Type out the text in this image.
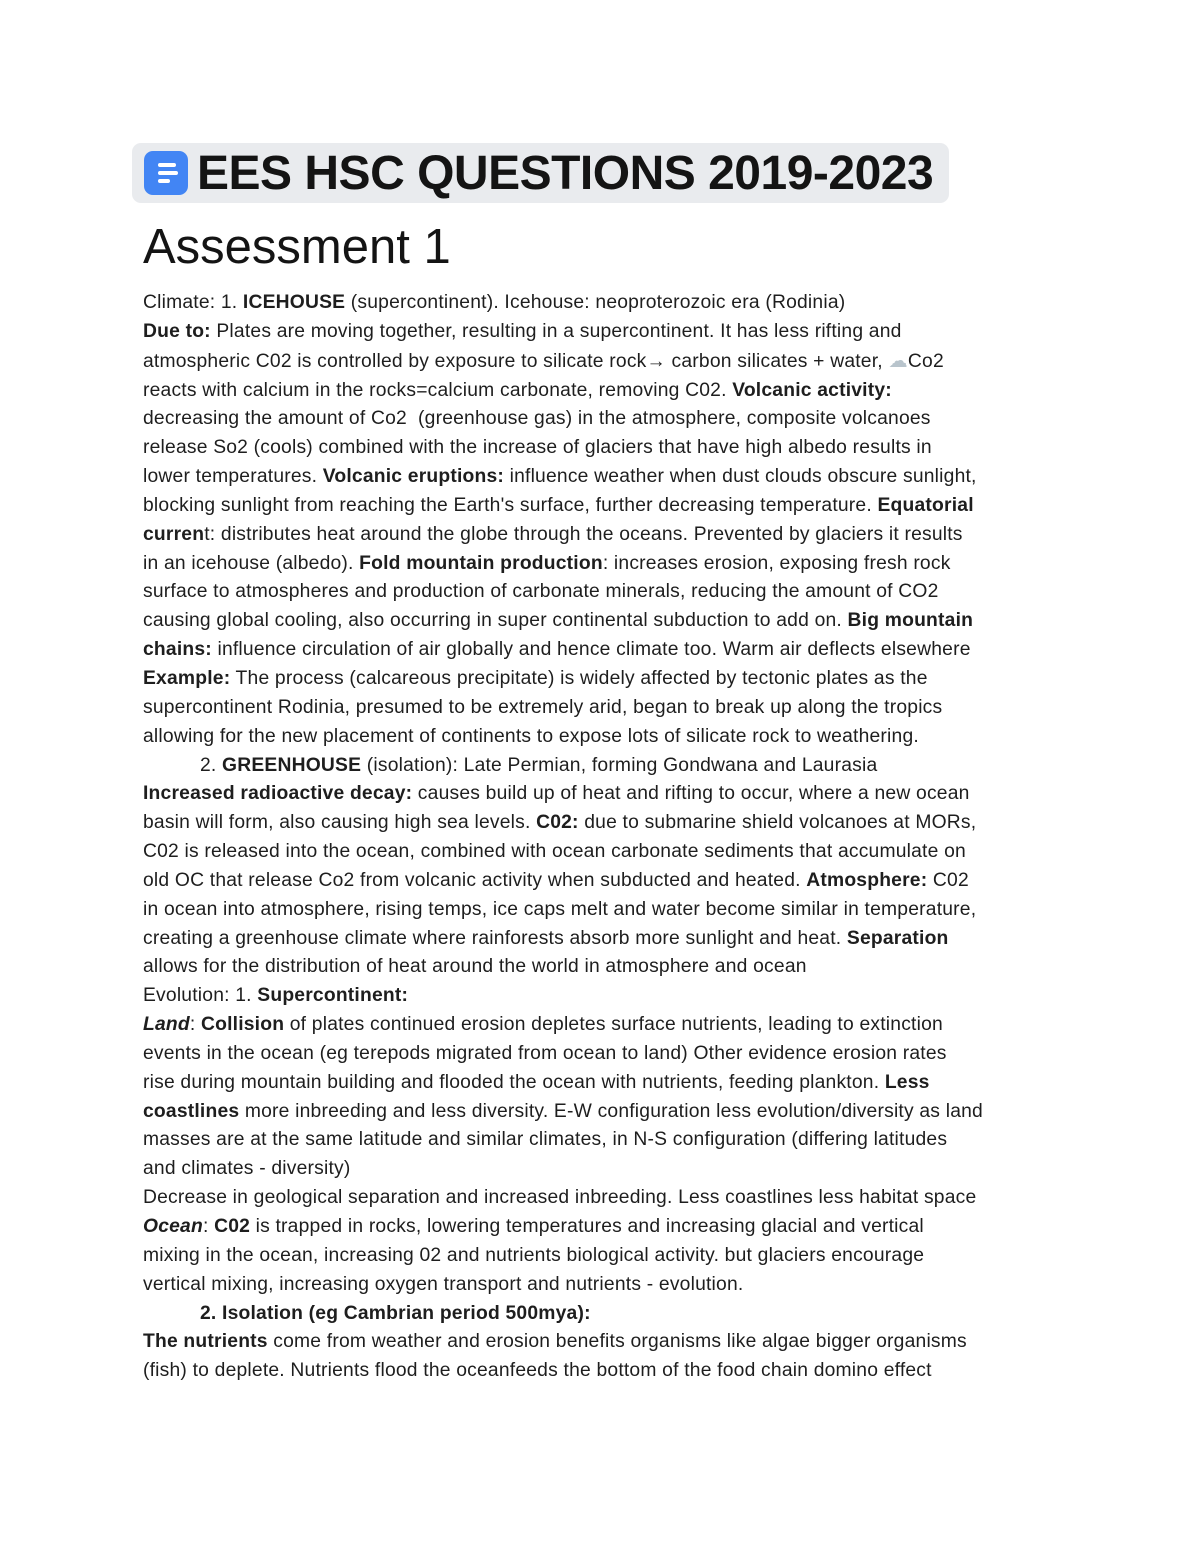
EES HSC QUESTIONS 2019-2023
Assessment 1
Climate: 1. ICEHOUSE (supercontinent). Icehouse: neoproterozoic era (Rodinia)
Due to: Plates are moving together, resulting in a supercontinent. It has less rifting and
atmospheric C02 is controlled by exposure to silicate rock→ carbon silicates + water, ☁Co2
reacts with calcium in the rocks=calcium carbonate, removing C02. Volcanic activity:
decreasing the amount of Co2  (greenhouse gas) in the atmosphere, composite volcanoes
release So2 (cools) combined with the increase of glaciers that have high albedo results in
lower temperatures. Volcanic eruptions: influence weather when dust clouds obscure sunlight,
blocking sunlight from reaching the Earth's surface, further decreasing temperature. Equatorial
current: distributes heat around the globe through the oceans. Prevented by glaciers it results
in an icehouse (albedo). Fold mountain production: increases erosion, exposing fresh rock
surface to atmospheres and production of carbonate minerals, reducing the amount of CO2
causing global cooling, also occurring in super continental subduction to add on. Big mountain
chains: influence circulation of air globally and hence climate too. Warm air deflects elsewhere
Example: The process (calcareous precipitate) is widely affected by tectonic plates as the
supercontinent Rodinia, presumed to be extremely arid, began to break up along the tropics
allowing for the new placement of continents to expose lots of silicate rock to weathering.
2. GREENHOUSE (isolation): Late Permian, forming Gondwana and Laurasia
Increased radioactive decay: causes build up of heat and rifting to occur, where a new ocean
basin will form, also causing high sea levels. C02: due to submarine shield volcanoes at MORs,
C02 is released into the ocean, combined with ocean carbonate sediments that accumulate on
old OC that release Co2 from volcanic activity when subducted and heated. Atmosphere: C02
in ocean into atmosphere, rising temps, ice caps melt and water become similar in temperature,
creating a greenhouse climate where rainforests absorb more sunlight and heat. Separation
allows for the distribution of heat around the world in atmosphere and ocean
Evolution: 1. Supercontinent:
Land: Collision of plates continued erosion depletes surface nutrients, leading to extinction
events in the ocean (eg terepods migrated from ocean to land) Other evidence erosion rates
rise during mountain building and flooded the ocean with nutrients, feeding plankton. Less
coastlines more inbreeding and less diversity. E-W configuration less evolution/diversity as land
masses are at the same latitude and similar climates, in N-S configuration (differing latitudes
and climates - diversity)
Decrease in geological separation and increased inbreeding. Less coastlines less habitat space
Ocean: C02 is trapped in rocks, lowering temperatures and increasing glacial and vertical
mixing in the ocean, increasing 02 and nutrients biological activity. but glaciers encourage
vertical mixing, increasing oxygen transport and nutrients - evolution.
2. Isolation (eg Cambrian period 500mya):
The nutrients come from weather and erosion benefits organisms like algae bigger organisms
(fish) to deplete. Nutrients flood the oceanfeeds the bottom of the food chain domino effect
